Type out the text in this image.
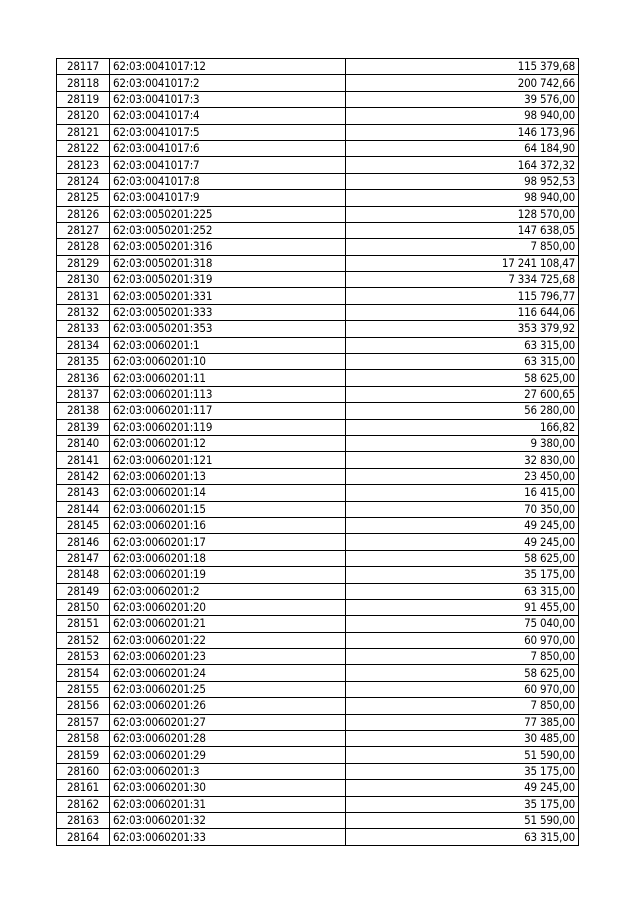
28117	62:03:0041017:12	115 379,68
28118	62:03:0041017:2	200 742,66
28119	62:03:0041017:3	39 576,00
28120	62:03:0041017:4	98 940,00
28121	62:03:0041017:5	146 173,96
28122	62:03:0041017:6	64 184,90
28123	62:03:0041017:7	164 372,32
28124	62:03:0041017:8	98 952,53
28125	62:03:0041017:9	98 940,00
28126	62:03:0050201:225	128 570,00
28127	62:03:0050201:252	147 638,05
28128	62:03:0050201:316	7 850,00
28129	62:03:0050201:318	17 241 108,47
28130	62:03:0050201:319	7 334 725,68
28131	62:03:0050201:331	115 796,77
28132	62:03:0050201:333	116 644,06
28133	62:03:0050201:353	353 379,92
28134	62:03:0060201:1	63 315,00
28135	62:03:0060201:10	63 315,00
28136	62:03:0060201:11	58 625,00
28137	62:03:0060201:113	27 600,65
28138	62:03:0060201:117	56 280,00
28139	62:03:0060201:119	166,82
28140	62:03:0060201:12	9 380,00
28141	62:03:0060201:121	32 830,00
28142	62:03:0060201:13	23 450,00
28143	62:03:0060201:14	16 415,00
28144	62:03:0060201:15	70 350,00
28145	62:03:0060201:16	49 245,00
28146	62:03:0060201:17	49 245,00
28147	62:03:0060201:18	58 625,00
28148	62:03:0060201:19	35 175,00
28149	62:03:0060201:2	63 315,00
28150	62:03:0060201:20	91 455,00
28151	62:03:0060201:21	75 040,00
28152	62:03:0060201:22	60 970,00
28153	62:03:0060201:23	7 850,00
28154	62:03:0060201:24	58 625,00
28155	62:03:0060201:25	60 970,00
28156	62:03:0060201:26	7 850,00
28157	62:03:0060201:27	77 385,00
28158	62:03:0060201:28	30 485,00
28159	62:03:0060201:29	51 590,00
28160	62:03:0060201:3	35 175,00
28161	62:03:0060201:30	49 245,00
28162	62:03:0060201:31	35 175,00
28163	62:03:0060201:32	51 590,00
28164	62:03:0060201:33	63 315,00
